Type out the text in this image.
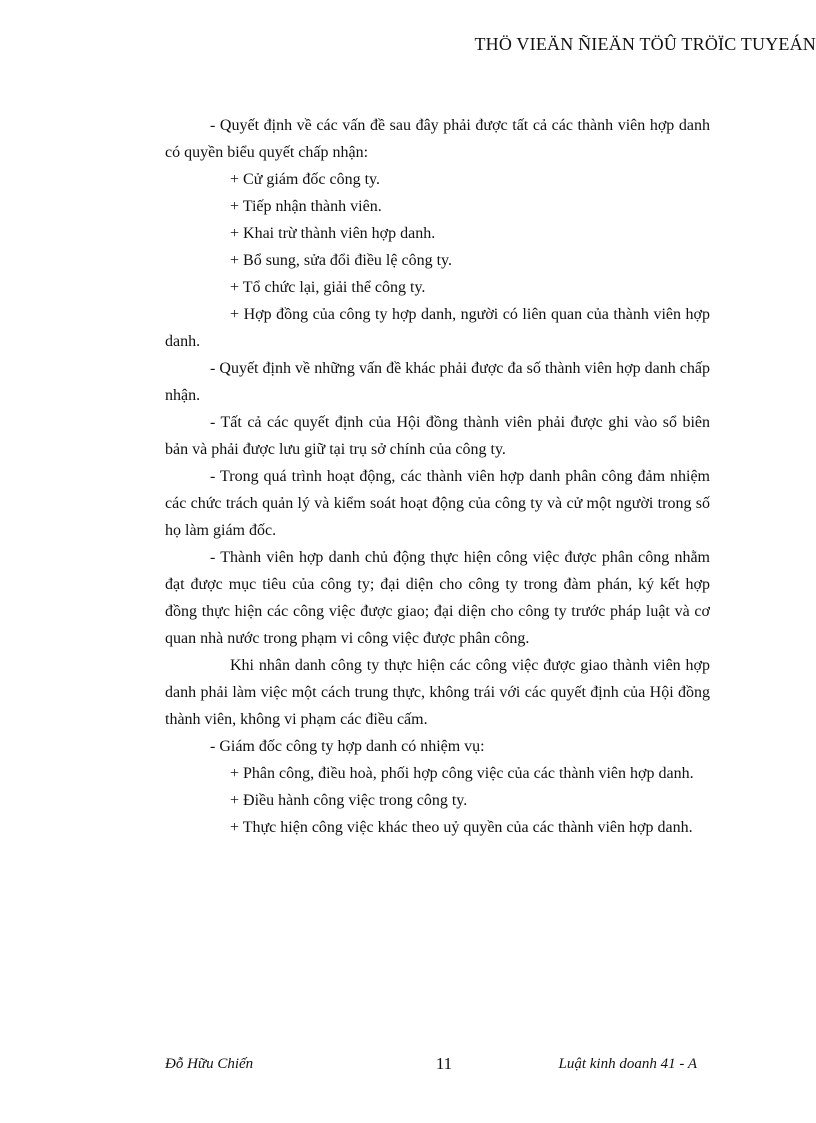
THÖ VIEÄN ÑIEÄN TÖÛ TRÖÏC TUYEÁN

- Quyết định về các vấn đề sau đây phải được tất cả các thành viên hợp danh có quyền biểu quyết chấp nhận:

+ Cử giám đốc công ty.
+ Tiếp nhận thành viên.
+ Khai trừ thành viên hợp danh.
+ Bổ sung, sửa đổi điều lệ công ty.
+ Tổ chức lại, giải thể công ty.

+ Hợp đồng của công ty hợp danh, người có liên quan của thành viên hợp danh.

- Quyết định về những vấn đề khác phải được đa số thành viên hợp danh chấp nhận.

- Tất cả các quyết định của Hội đồng thành viên phải được ghi vào sổ biên bản và phải được lưu giữ tại trụ sở chính của công ty.

- Trong quá trình hoạt động, các thành viên hợp danh phân công đảm nhiệm các chức trách quản lý và kiểm soát hoạt động của công ty và cử một người trong số họ làm giám đốc.

- Thành viên hợp danh chủ động thực hiện công việc được phân công nhằm đạt được mục tiêu của công ty; đại diện cho công ty trong đàm phán, ký kết hợp đồng thực hiện các công việc được giao; đại diện cho công ty trước pháp luật và cơ quan nhà nước trong phạm vi công việc được phân công.

Khi nhân danh công ty thực hiện các công việc được giao thành viên hợp danh phải làm việc một cách trung thực, không trái với các quyết định của Hội đồng thành viên, không vi phạm các điều cấm.

- Giám đốc công ty hợp danh có nhiệm vụ:

+ Phân công, điều hoà, phối hợp công việc của các thành viên hợp danh.

+ Điều hành công việc trong công ty.

+ Thực hiện công việc khác theo uỷ quyền của các thành viên hợp danh.

Đỗ Hữu Chiến	11	Luật kinh doanh 41 - A
